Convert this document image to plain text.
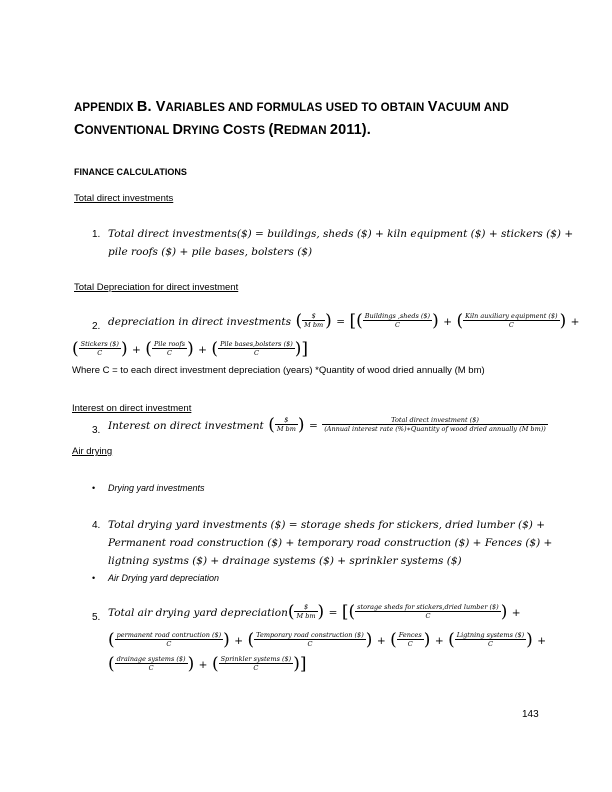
APPENDIX B. VARIABLES AND FORMULAS USED TO OBTAIN VACUUM AND
CONVENTIONAL DRYING COSTS (REDMAN 2011).
FINANCE CALCULATIONS
Total direct investments
1. Total direct investments($) = buildings, sheds ($) + kiln equipment ($) + stickers ($) +
pile roofs ($) + pile bases, bolsters ($)
Total Depreciation for direct investment
2. depreciation in direct investments (	$
M bm ) = [( Buildings ,sheds ($)
C	) + ( Kiln auxiliary equipment ($)
C	) +
( Stickers ($)
C	) + ( Pile roofs
C ) + ( Pile bases,bolsters ($)
C	)]
Where C = to each direct investment depreciation (years) *Quantity of wood dried annually (M bm)
Interest on direct investment
3. Interest on direct investment (	$
M bm ) =	Total direct investment ($)
(Annual interest rate (%)∗Quantity of wood dried annually (M bm))
Air drying
• Drying yard investments
4. Total drying yard investments ($) = storage sheds for stickers, dried lumber ($) +
Permanent road construction ($) + temporary road construction ($) + Fences ($) +
ligtning systms ($) + drainage systems ($) + sprinkler systems ($)
• Air Drying yard depreciation
5. Total air drying yard depreciation(	$
M bm ) = [( storage sheds for stickers,dried lumber ($)
C	) +
( permanent road contruction ($)
C	) + ( Temporary road construction ($)
C	) + ( Fences
C ) + ( Ligtning systems ($)
C	) +
( drainage systems ($)
C	) + ( Sprinkler systems ($)
C	)]
143
